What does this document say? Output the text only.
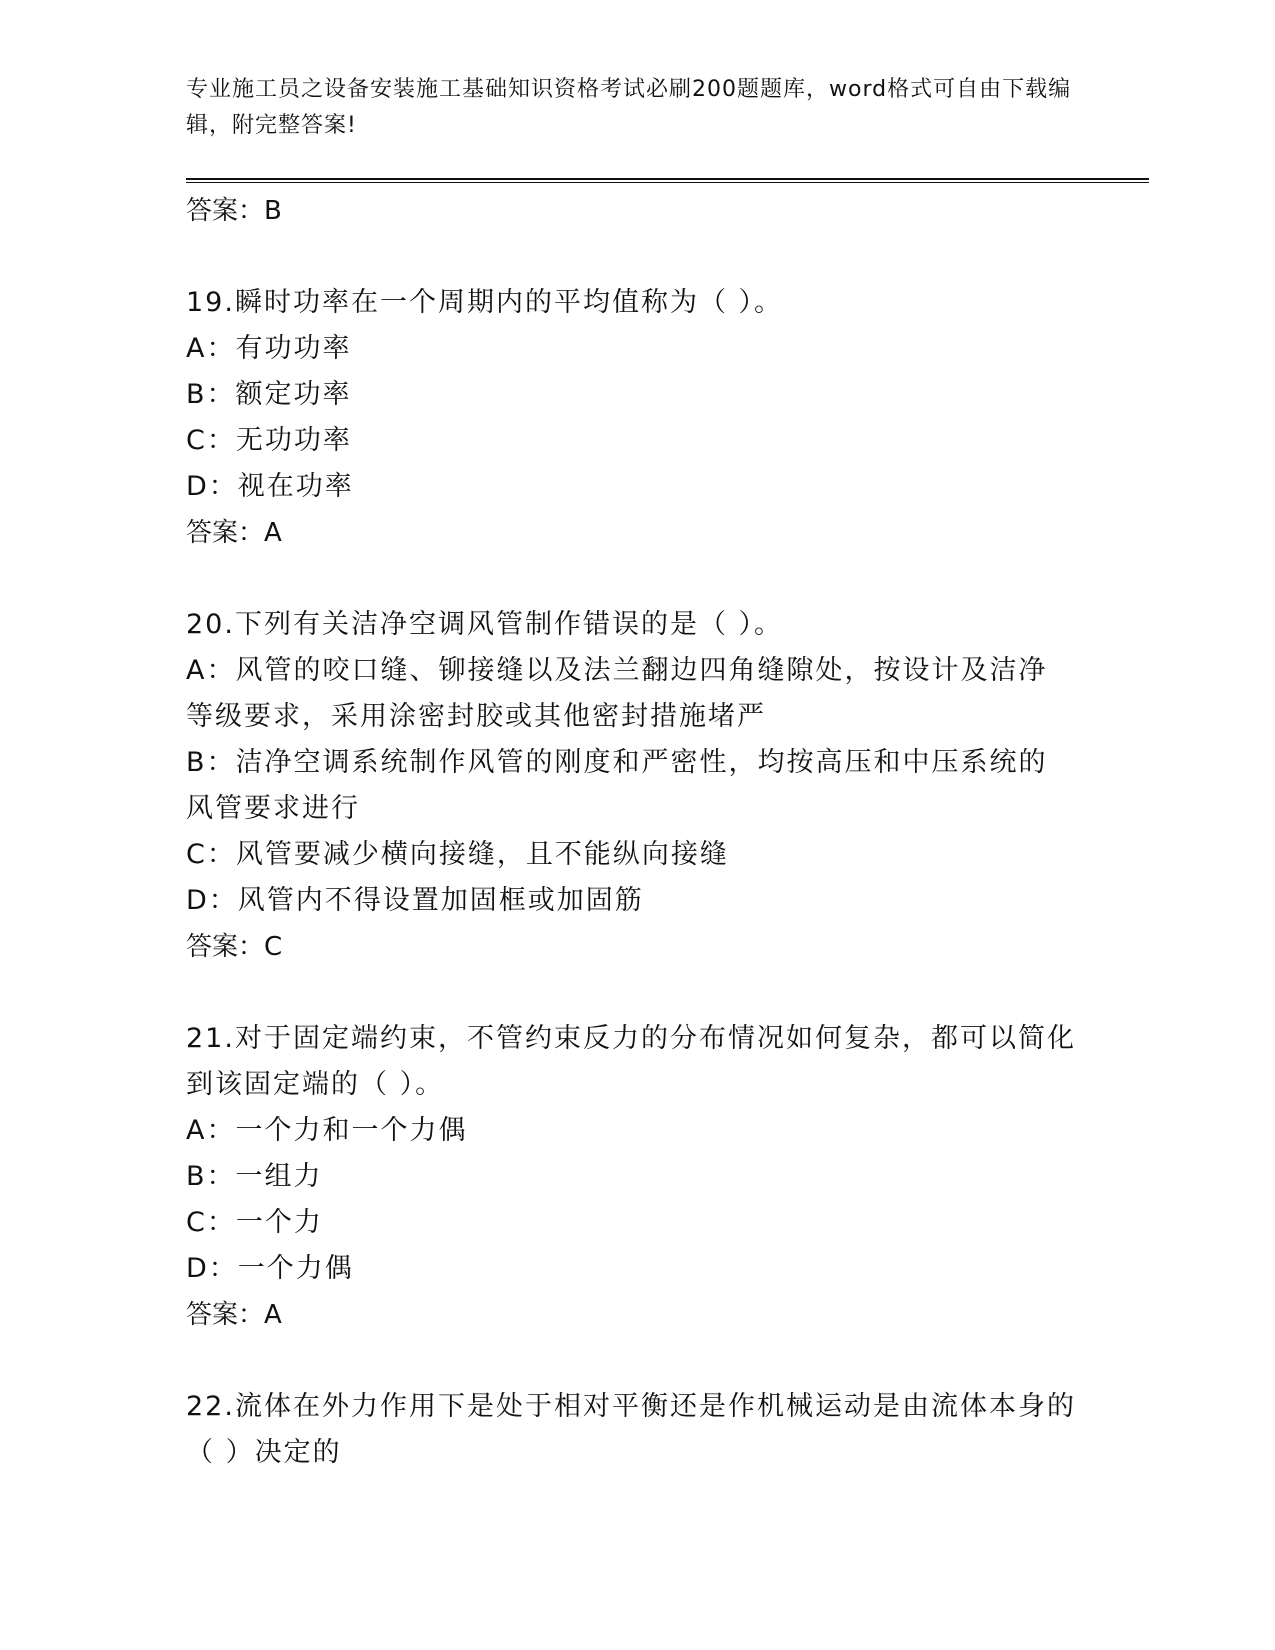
专业施工员之设备安装施工基础知识资格考试必刷200题题库，word格式可自由下载编辑，附完整答案!

答案：B

19.瞬时功率在一个周期内的平均值称为（ ）。

A：有功功率

B：额定功率

C：无功功率

D：视在功率

答案：A

20.下列有关洁净空调风管制作错误的是（ ）。

A：风管的咬口缝、铆接缝以及法兰翻边四角缝隙处，按设计及洁净等级要求，采用涂密封胶或其他密封措施堵严

B：洁净空调系统制作风管的刚度和严密性，均按高压和中压系统的风管要求进行

C：风管要减少横向接缝，且不能纵向接缝

D：风管内不得设置加固框或加固筋

答案：C

21.对于固定端约束，不管约束反力的分布情况如何复杂，都可以简化到该固定端的（ ）。

A：一个力和一个力偶

B：一组力

C：一个力

D：一个力偶

答案：A

22.流体在外力作用下是处于相对平衡还是作机械运动是由流体本身的（ ）决定的
